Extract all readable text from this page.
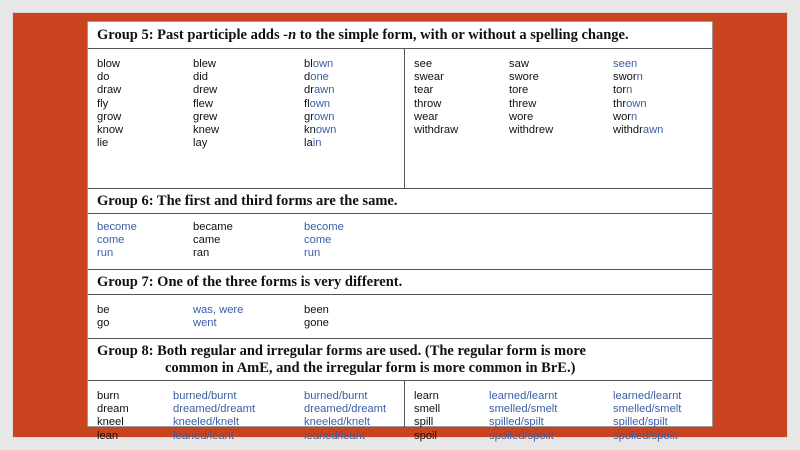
Group 5: Past participle adds -n to the simple form, with or without a spelling change.
blow	blew	blown
do	did	done
draw	drew	drawn
fly	flew	flown
grow	grew	grown
know	knew	known
lie	lay	lain
see	saw	seen
swear	swore	sworn
tear	tore	torn
throw	threw	thrown
wear	wore	worn
withdraw	withdrew	withdrawn
Group 6: The first and third forms are the same.
become	became	become
come	came	come
run	ran	run
Group 7: One of the three forms is very different.
be	was, were	been
go	went	gone
Group 8: Both regular and irregular forms are used. (The regular form is more
common in AmE, and the irregular form is more common in BrE.)
burn	burned/burnt	burned/burnt
dream	dreamed/dreamt	dreamed/dreamt
kneel	kneeled/knelt	kneeled/knelt
lean	leaned/leant	leaned/leant
learn	learned/learnt	learned/learnt
smell	smelled/smelt	smelled/smelt
spill	spilled/spilt	spilled/spilt
spoil	spoiled/spoilt	spoiled/spoilt
